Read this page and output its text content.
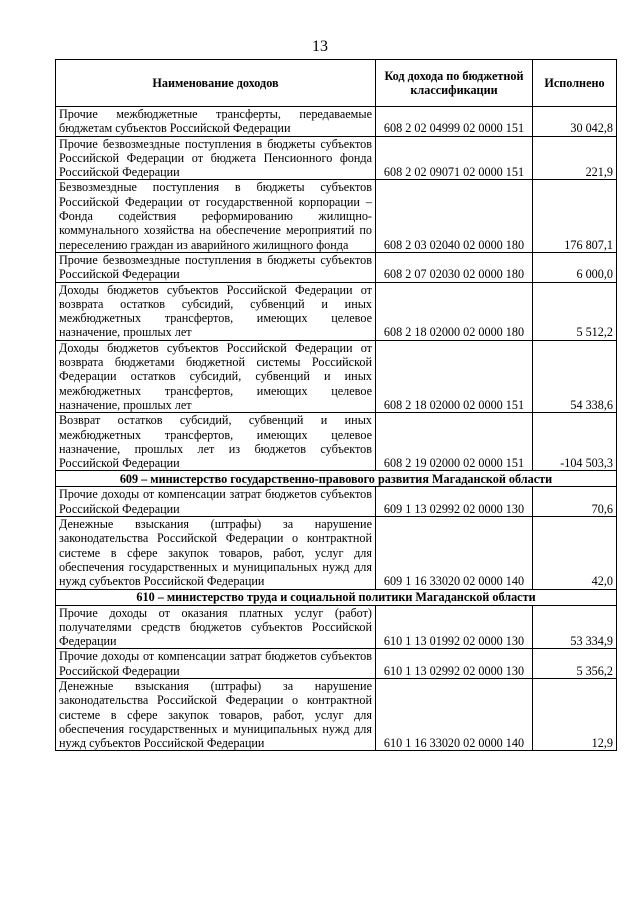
13
Наименование доходов	Код дохода по бюджетной классификации	Исполнено
Прочие межбюджетные трансферты, передаваемые бюджетам субъектов Российской Федерации	608 2 02 04999 02 0000 151	30 042,8
Прочие безвозмездные поступления в бюджеты субъектов Российской Федерации от бюджета Пенсионного фонда Российской Федерации	608 2 02 09071 02 0000 151	221,9
Безвозмездные поступления в бюджеты субъектов Российской Федерации от государственной корпорации – Фонда содействия реформированию жилищно-коммунального хозяйства на обеспечение мероприятий по переселению граждан из аварийного жилищного фонда	608 2 03 02040 02 0000 180	176 807,1
Прочие безвозмездные поступления в бюджеты субъектов Российской Федерации	608 2 07 02030 02 0000 180	6 000,0
Доходы бюджетов субъектов Российской Федерации от возврата остатков субсидий, субвенций и иных межбюджетных трансфертов, имеющих целевое назначение, прошлых лет	608 2 18 02000 02 0000 180	5 512,2
Доходы бюджетов субъектов Российской Федерации от возврата бюджетами бюджетной системы Российской Федерации остатков субсидий, субвенций и иных межбюджетных трансфертов, имеющих целевое назначение, прошлых лет	608 2 18 02000 02 0000 151	54 338,6
Возврат остатков субсидий, субвенций и иных межбюджетных трансфертов, имеющих целевое назначение, прошлых лет из бюджетов субъектов Российской Федерации	608 2 19 02000 02 0000 151	-104 503,3
609 – министерство государственно-правового развития Магаданской области		
Прочие доходы от компенсации затрат бюджетов субъектов Российской Федерации	609 1 13 02992 02 0000 130	70,6
Денежные взыскания (штрафы) за нарушение законодательства Российской Федерации о контрактной системе в сфере закупок товаров, работ, услуг для обеспечения государственных и муниципальных нужд для нужд субъектов Российской Федерации	609 1 16 33020 02 0000 140	42,0
610 – министерство труда и социальной политики Магаданской области		
Прочие доходы от оказания платных услуг (работ) получателями средств бюджетов субъектов Российской Федерации	610 1 13 01992 02 0000 130	53 334,9
Прочие доходы от компенсации затрат бюджетов субъектов Российской Федерации	610 1 13 02992 02 0000 130	5 356,2
Денежные взыскания (штрафы) за нарушение законодательства Российской Федерации о контрактной системе в сфере закупок товаров, работ, услуг для обеспечения государственных и муниципальных нужд для нужд субъектов Российской Федерации	610 1 16 33020 02 0000 140	12,9
